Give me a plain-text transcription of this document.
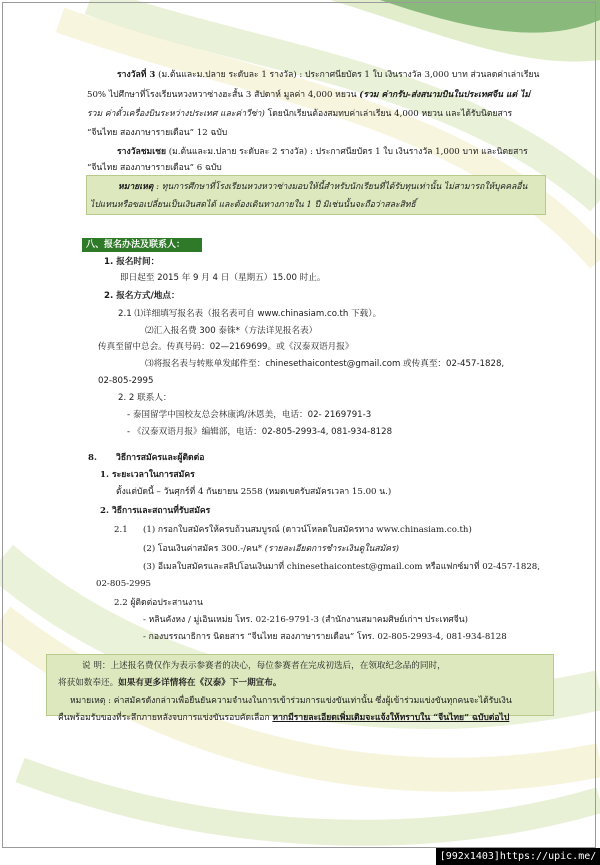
八、报名办法及联系人：
รางวัลที่ 3 (ม.ต้นและม.ปลาย ระดับละ 1 รางวัล) : ประกาศนียบัตร 1 ใบ เงินรางวัล 3,000 บาท ส่วนลดค่าเล่าเรียน
50% ไปศึกษาที่โรงเรียนหวงหวาซ่างฮะสั้น 3 สัปดาห์ มูลค่า 4,000 หยวน (รวม ค่ากรับ-ส่งสนามบินในประเทศจีน แต่ ไม่
รวม ค่าตั๋วเครื่องบินระหว่างประเทศ และค่าวีซ่า) โดยนักเรียนต้องสมทบค่าเล่าเรียน 4,000 หยวน และได้รับนิตยสาร
“จีนไทย สองภาษารายเดือน” 12 ฉบับ
รางวัลชมเชย (ม.ต้นและม.ปลาย ระดับละ 2 รางวัล) : ประกาศนียบัตร 1 ใบ เงินรางวัล 1,000 บาท และนิตยสาร
“จีนไทย สองภาษารายเดือน” 6 ฉบับ
หมายเหตุ : ทุนการศึกษาที่โรงเรียนหวงหวาซ่างมอบให้นี้สำหรับนักเรียนที่ได้รับทุนเท่านั้น ไม่สามารถให้บุคคลอื่น
ไปแทนหรือขอเปลี่ยนเป็นเงินสดได้ และต้องเดินทางภายใน 1 ปี มิเช่นนั้นจะถือว่าสละสิทธิ์
1. 报名时间：
即日起至 2015 年 9 月 4 日（星期五）15.00 时止。
2. 报名方式/地点：
2.1 ⑴详细填写报名表（报名表可自 www.chinasiam.co.th 下载）。
⑵汇入报名费 300 泰铢*（方法详见报名表）
传真至留中总会。传真号码：02—2169699。或《汉泰双语月报》
⑶将报名表与转账单发邮件至：chinesethaicontest@gmail.com 或传真至：02-457-1828,
02-805-2995
2. 2 联系人：
- 泰国留学中国校友总会林康鸿/沐恩美，电话：02- 2169791-3
- 《汉泰双语月报》编辑部，电话：02-805-2993-4, 081-934-8128
8. วิธีการสมัครและผู้ติดต่อ
1. ระยะเวลาในการสมัคร
ตั้งแต่บัดนี้ – วันศุกร์ที่ 4 กันยายน 2558 (หมดเขตรับสมัครเวลา 15.00 น.)
2. วิธีการและสถานที่รับสมัคร
2.1 (1) กรอกใบสมัครให้ครบถ้วนสมบูรณ์ (ดาวน์โหลดใบสมัครทาง www.chinasiam.co.th)
(2) โอนเงินค่าสมัคร 300.-/คน* (รายละเอียดการชำระเงินดูในสมัคร)
(3) อีเมลใบสมัครและสลิปโอนเงินมาที่ chinesethaicontest@gmail.com หรือแฟกซ์มาที่ 02-457-1828,
02-805-2995
2.2 ผู้ติดต่อประสานงาน
- หลินคังหง / มู่เอินเหม่ย โทร. 02-216-9791-3 (สำนักงานสมาคมศิษย์เก่าฯ ประเทศจีน)
- กองบรรณาธิการ นิตยสาร “จีนไทย สองภาษารายเดือน” โทร. 02-805-2993-4, 081-934-8128
说 明：上述报名费仅作为表示参赛者的决心，每位参赛者在完成初选后，在领取纪念品的同时，
将获如数奉还。如果有更多详情将在《汉泰》下一期宣布。
หมายเหตุ : ค่าสมัครดังกล่าวเพื่อยืนยันความจำนงในการเข้าร่วมการแข่งขันเท่านั้น ซึ่งผู้เข้าร่วมแข่งขันทุกคนจะได้รับเงิน
คืนพร้อมรับของที่ระลึกภายหลังจบการแข่งขันรอบคัดเลือก หากมีรายละเอียดเพิ่มเติมจะแจ้งให้ทราบใน “จีนไทย” ฉบับต่อไป
[992x1403]https://upic.me/
